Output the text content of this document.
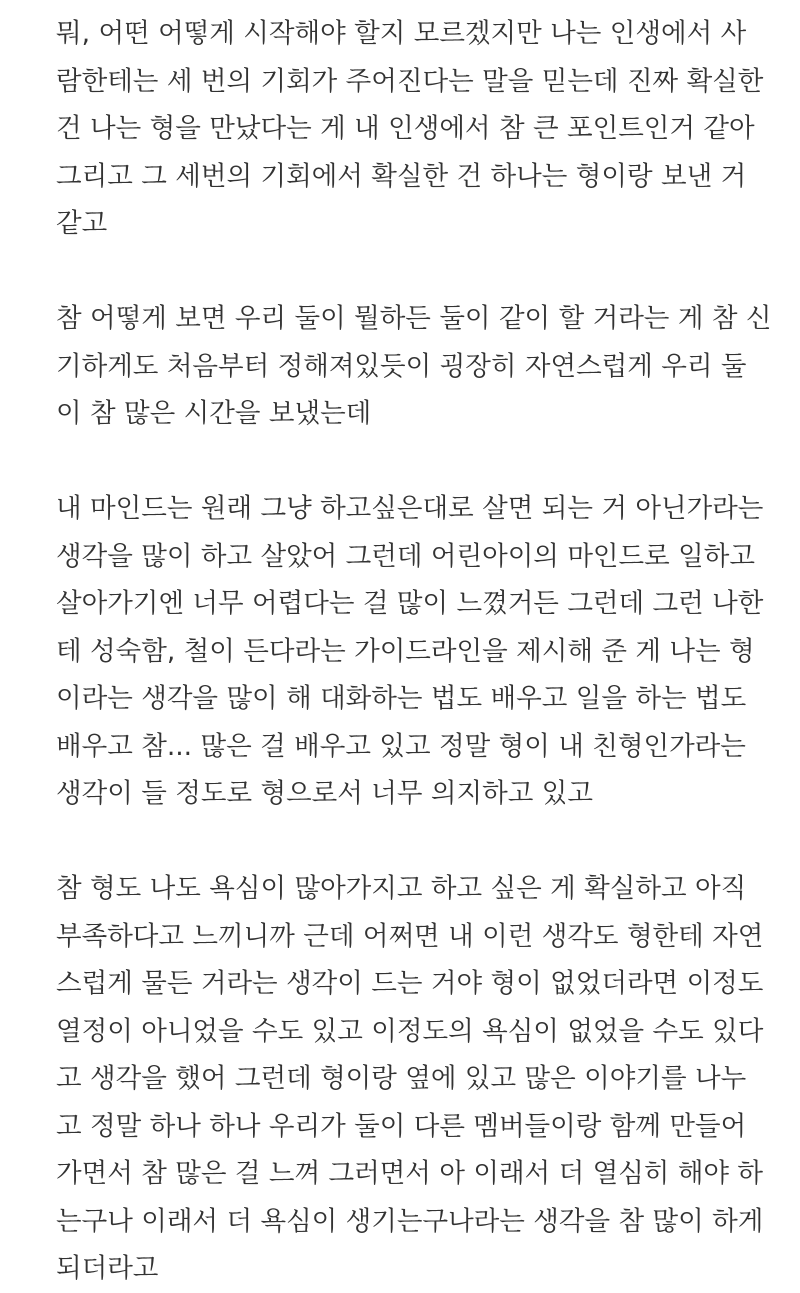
뭐, 어떤 어떻게 시작해야 할지 모르겠지만 나는 인생에서 사
람한테는 세 번의 기회가 주어진다는 말을 믿는데 진짜 확실한
건 나는 형을 만났다는 게 내 인생에서 참 큰 포인트인거 같아
그리고 그 세번의 기회에서 확실한 건 하나는 형이랑 보낸 거
같고
참 어떻게 보면 우리 둘이 뭘하든 둘이 같이 할 거라는 게 참 신
기하게도 처음부터 정해져있듯이 굉장히 자연스럽게 우리 둘
이 참 많은 시간을 보냈는데
내 마인드는 원래 그냥 하고싶은대로 살면 되는 거 아닌가라는
생각을 많이 하고 살았어 그런데 어린아이의 마인드로 일하고
살아가기엔 너무 어렵다는 걸 많이 느꼈거든 그런데 그런 나한
테 성숙함, 철이 든다라는 가이드라인을 제시해 준 게 나는 형
이라는 생각을 많이 해 대화하는 법도 배우고 일을 하는 법도
배우고 참... 많은 걸 배우고 있고 정말 형이 내 친형인가라는
생각이 들 정도로 형으로서 너무 의지하고 있고
참 형도 나도 욕심이 많아가지고 하고 싶은 게 확실하고 아직
부족하다고 느끼니까 근데 어쩌면 내 이런 생각도 형한테 자연
스럽게 물든 거라는 생각이 드는 거야 형이 없었더라면 이정도
열정이 아니었을 수도 있고 이정도의 욕심이 없었을 수도 있다
고 생각을 했어 그런데 형이랑 옆에 있고 많은 이야기를 나누
고 정말 하나 하나 우리가 둘이 다른 멤버들이랑 함께 만들어
가면서 참 많은 걸 느껴 그러면서 아 이래서 더 열심히 해야 하
는구나 이래서 더 욕심이 생기는구나라는 생각을 참 많이 하게
되더라고
